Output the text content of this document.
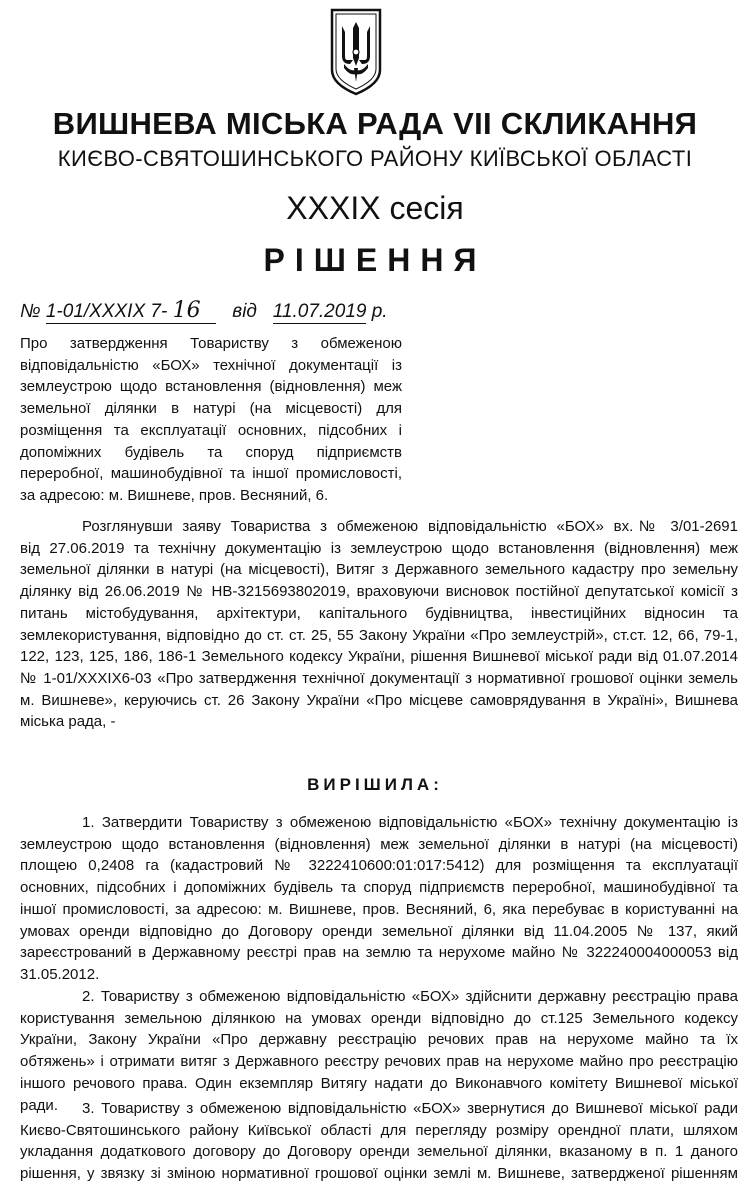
ВИШНЕВА МІСЬКА РАДА VII СКЛИКАННЯ
КИЄВО-СВЯТОШИНСЬКОГО РАЙОНУ КИЇВСЬКОЇ ОБЛАСТІ
XXXIX сесія
РІШЕННЯ
№ 1-01/XXXIX 7- 16 від 11.07.2019 р.
Про затвердження Товариству з обмеженою
відповідальністю «БОХ» технічної документації із
землеустрою щодо встановлення (відновлення) меж
земельної ділянки в натурі (на місцевості) для
розміщення та експлуатації основних, підсобних і
допоміжних будівель та споруд підприємств
переробної, машинобудівної та іншої промисловості,
за адресою: м. Вишневе, пров. Весняний, 6.
Розглянувши заяву Товариства з обмеженою відповідальністю «БОХ» вх.№ 3/01-2691
від 27.06.2019 та технічну документацію із землеустрою щодо встановлення (відновлення) меж
земельної ділянки в натурі (на місцевості), Витяг з Державного земельного кадастру про земельну
ділянку від 26.06.2019 № НВ-3215693802019, враховуючи висновок постійної депутатської комісії з
питань містобудування, архітектури, капітального будівництва, інвестиційних відносин та
землекористування, відповідно до ст. ст. 25, 55 Закону України «Про землеустрій», ст.ст. 12, 66, 79-1,
122, 123, 125, 186, 186-1 Земельного кодексу України, рішення Вишневої міської ради від 01.07.2014
№ 1-01/XXXIX6-03 «Про затвердження технічної документації з нормативної грошової оцінки земель
м. Вишневе», керуючись ст. 26 Закону України «Про місцеве самоврядування в Україні», Вишнева
міська рада, -
ВИРІШИЛА:
1. Затвердити Товариству з обмеженою відповідальністю «БОХ» технічну документацію із
землеустрою щодо встановлення (відновлення) меж земельної ділянки в натурі (на місцевості)
площею 0,2408 га (кадастровий № 3222410600:01:017:5412) для розміщення та експлуатації
основних, підсобних і допоміжних будівель та споруд підприємств переробної, машинобудівної та
іншої промисловості, за адресою: м. Вишневе, пров. Весняний, 6, яка перебуває в користуванні на
умовах оренди відповідно до Договору оренди земельної ділянки від 11.04.2005 № 137, який
зареєстрований в Державному реєстрі прав на землю та нерухоме майно № 322240004000053 від
31.05.2012.
2. Товариству з обмеженою відповідальністю «БОХ» здійснити державну реєстрацію права
користування земельною ділянкою на умовах оренди відповідно до ст.125 Земельного кодексу
України, Закону України «Про державну реєстрацію речових прав на нерухоме майно та їх
обтяжень» і отримати витяг з Державного реєстру речових прав на нерухоме майно про реєстрацію
іншого речового права. Один екземпляр Витягу надати до Виконавчого комітету Вишневої міської
ради.	3. Товариству з обмеженою відповідальністю «БОХ» звернутися до Вишневої міської ради
Києво-Святошинського району Київської області для перегляду розміру орендної плати, шляхом
укладання додаткового договору до Договору оренди земельної ділянки, вказаному в п. 1 даного
рішення, у звязку зі зміною нормативної грошової оцінки землі м. Вишневе, затвердженої рішенням
